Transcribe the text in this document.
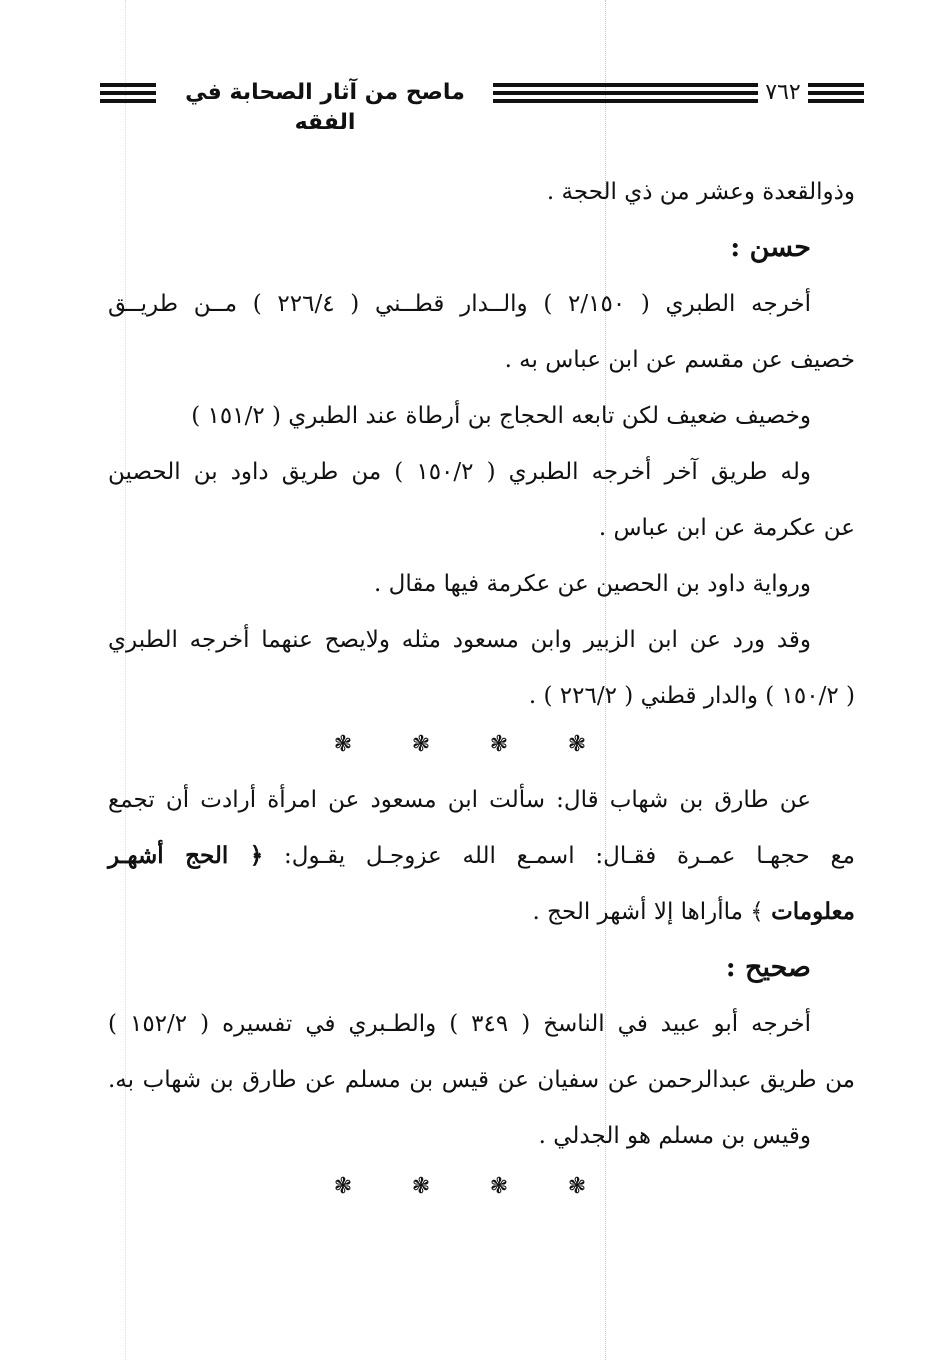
ماصح من آثار الصحابة في الفقه
٧٦٢
وذوالقعدة وعشر من ذي الحجة .
حسن :
أخرجه الطبري ( ٢/١٥٠ ) والــدار قطــني ( ٢٢٦/٤ ) مــن طريــق
خصيف عن مقسم عن ابن عباس به .
وخصيف ضعيف لكن تابعه الحجاج بن أرطاة عند الطبري ( ١٥١/٢ )
وله طريق آخر أخرجه الطبري ( ١٥٠/٢ ) من طريق داود بن الحصين
عن عكرمة عن ابن عباس .
ورواية داود بن الحصين عن عكرمة فيها مقال .
وقد ورد عن ابن الزبير وابن مسعود مثله ولايصح عنهما أخرجه الطبري
( ١٥٠/٢ ) والدار قطني ( ٢٢٦/٢ ) .
❃	❃	❃	❃
عن طارق بن شهاب قال: سألت ابن مسعود عن امرأة أرادت أن تجمع
مع حجهـا عمـرة فقـال: اسمـع الله عزوجـل يقـول: ﴿ الحج أشهـر
معلومات ﴾ ماأراها إلا أشهر الحج .
صحيح :
أخرجه أبو عبيد في الناسخ ( ٣٤٩ ) والطـبري في تفسيره ( ١٥٢/٢ )
من طريق عبدالرحمن عن سفيان عن قيس بن مسلم عن طارق بن شهاب به.
وقيس بن مسلم هو الجدلي .
❃	❃	❃	❃
